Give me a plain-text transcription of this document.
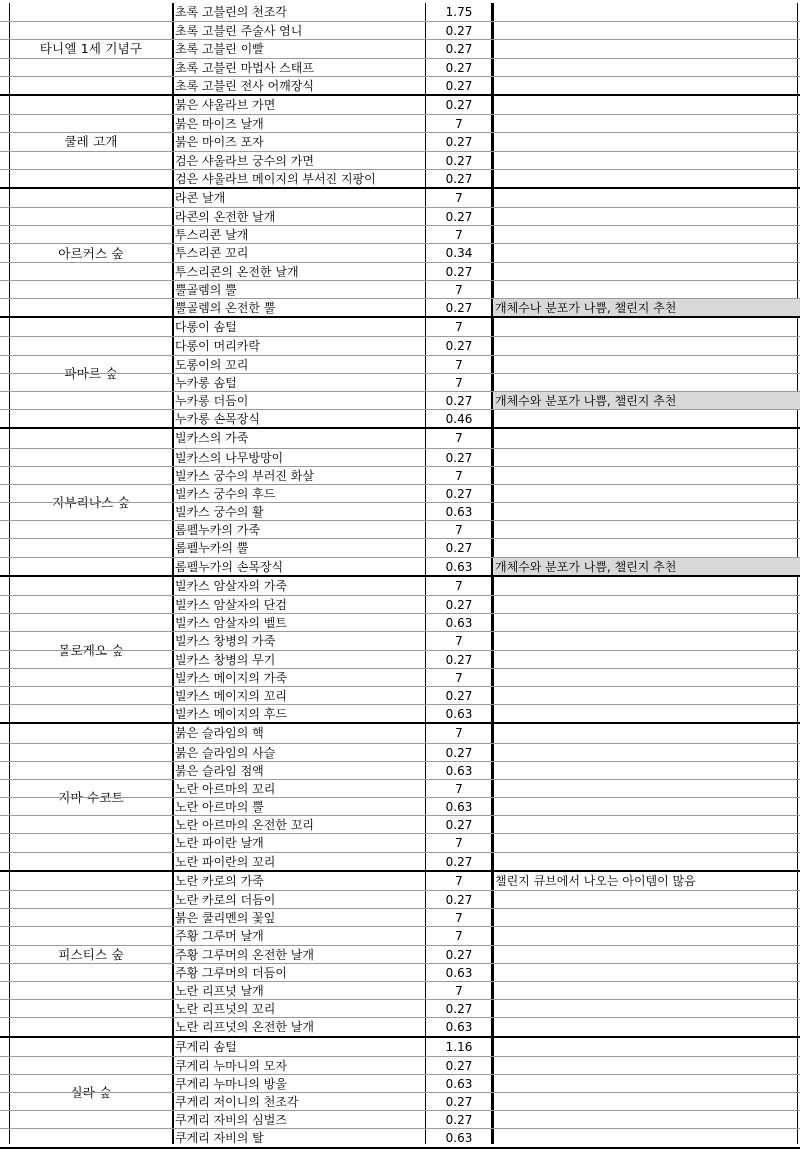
타니엘 1세 기념구
초록 고블린의 천조각	1.75
초록 고블린 주술사 염니	0.27
초록 고블린 이빨	0.27
초록 고블린 마법사 스태프	0.27
초록 고블린 전사 어깨장식	0.27
쿨레 고개
붉은 샤울라브 가면	0.27
붉은 마이즈 날개	7
붉은 마이즈 포자	0.27
검은 샤울라브 궁수의 가면	0.27
검은 샤울라브 메이지의 부서진 지팡이	0.27
아르커스 숲
라콘 날개	7
라콘의 온전한 날개	0.27
투스리콘 날개	7
투스리콘 꼬리	0.34
투스리콘의 온전한 날개	0.27
뿔골렘의 뿔	7
뿔골렘의 온전한 뿔	0.27	개체수나 분포가 나쁨, 챌린지 추천
파마르 숲
다롱이 솜털	7
다롱이 머리카락	0.27
도롱이의 꼬리	7
누카롱 솜털	7
누카롱 더듬이	0.27	개체수와 분포가 나쁨, 챌린지 추천
누카롱 손목장식	0.46
지부리나스 숲
빌카스의 가죽	7
빌카스의 나무방망이	0.27
빌카스 궁수의 부러진 화살	7
빌카스 궁수의 후드	0.27
빌카스 궁수의 활	0.63
롬펠누카의 가죽	7
롬펠누카의 뿔	0.27
롬펠누가의 손목장식	0.63	개체수와 분포가 나쁨, 챌린지 추천
몰로게오 숲
빌카스 암살자의 가죽	7
빌카스 암살자의 단검	0.27
빌카스 암살자의 벨트	0.63
빌카스 창병의 가죽	7
빌카스 창병의 무기	0.27
빌카스 메이지의 가죽	7
빌카스 메이지의 꼬리	0.27
빌카스 메이지의 후드	0.63
지마 수코트
붉은 슬라임의 핵	7
붉은 슬라임의 사슬	0.27
붉은 슬라임 점액	0.63
노란 아르마의 꼬리	7
노란 아르마의 뿔	0.63
노란 아르마의 온전한 꼬리	0.27
노란 파이란 날개	7
노란 파이란의 꼬리	0.27
피스티스 숲
노란 카로의 가죽	7	챌린지 큐브에서 나오는 아이템이 많음
노란 카로의 더듬이	0.27
붉은 쿨리멘의 꽃잎	7
주황 그루머 날개	7
주황 그루머의 온전한 날개	0.27
주황 그루머의 더듬이	0.63
노란 리프넛 날개	7
노란 리프넛의 꼬리	0.27
노란 리프넛의 온전한 날개	0.63
실라 숲
쿠게리 솜털	1.16
쿠게리 누마니의 모자	0.27
쿠게리 누마니의 방울	0.63
쿠게리 저이니의 천조각	0.27
쿠게리 자비의 심벌즈	0.27
쿠게리 자비의 탈	0.63
